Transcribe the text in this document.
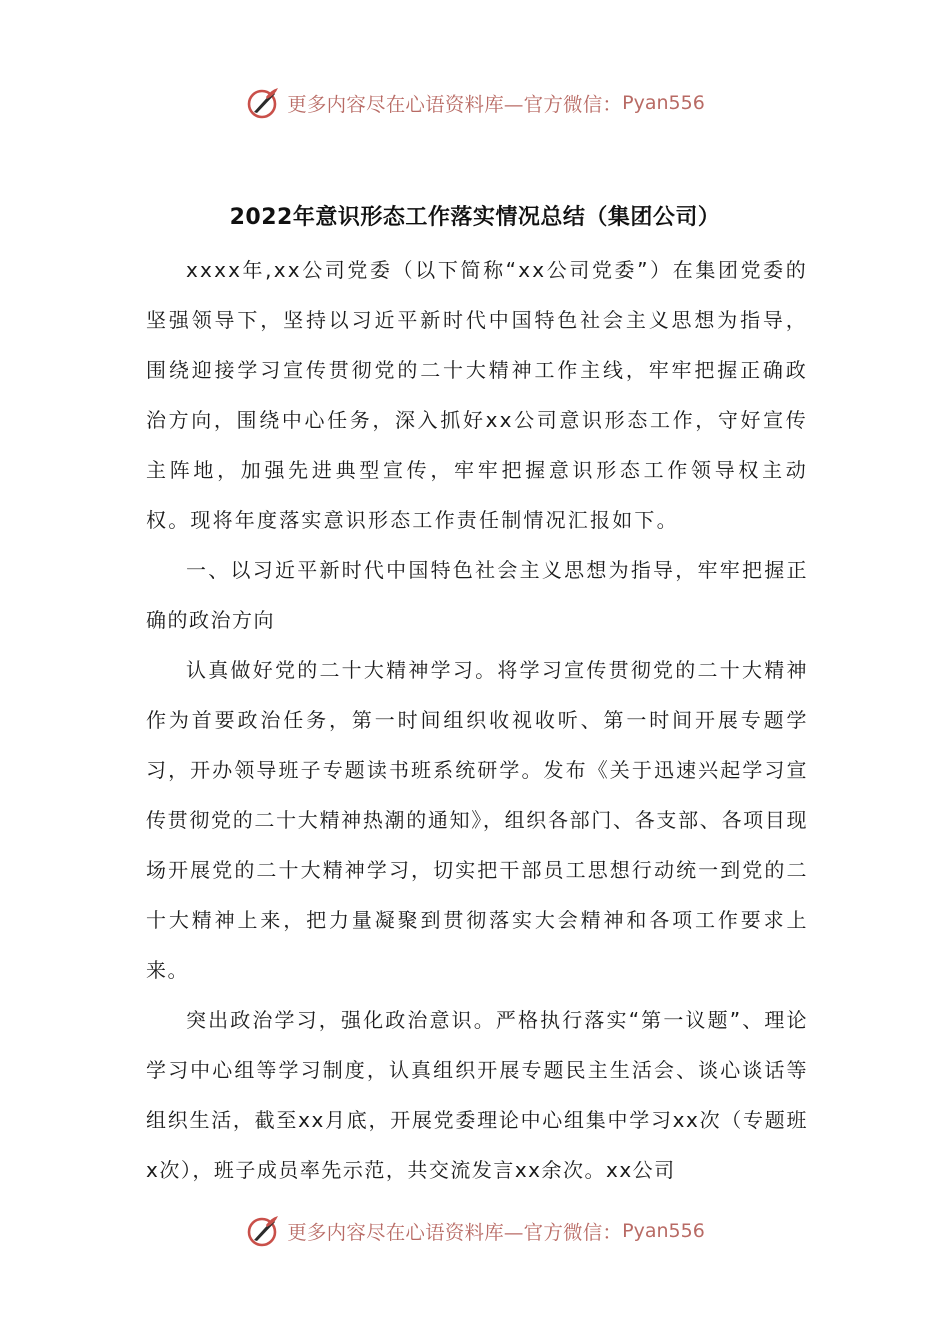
更多内容尽在心语资料库—官方微信： Pyan556
2022年意识形态工作落实情况总结（集团公司）

xxxx年,xx公司党委（以下简称“xx公司党委”）在集团党委的坚强领导下，坚持以习近平新时代中国特色社会主义思想为指导，围绕迎接学习宣传贯彻党的二十大精神工作主线，牢牢把握正确政治方向，围绕中心任务，深入抓好xx公司意识形态工作，守好宣传主阵地，加强先进典型宣传，牢牢把握意识形态工作领导权主动权。现将年度落实意识形态工作责任制情况汇报如下。

一、以习近平新时代中国特色社会主义思想为指导，牢牢把握正确的政治方向

认真做好党的二十大精神学习。将学习宣传贯彻党的二十大精神作为首要政治任务，第一时间组织收视收听、第一时间开展专题学习，开办领导班子专题读书班系统研学。发布《关于迅速兴起学习宣传贯彻党的二十大精神热潮的通知》，组织各部门、各支部、各项目现场开展党的二十大精神学习，切实把干部员工思想行动统一到党的二十大精神上来，把力量凝聚到贯彻落实大会精神和各项工作要求上来。

突出政治学习，强化政治意识。严格执行落实“第一议题”、理论学习中心组等学习制度，认真组织开展专题民主生活会、谈心谈话等组织生活，截至xx月底，开展党委理论中心组集中学习xx次（专题班x次），班子成员率先示范，共交流发言xx余次。xx公司

更多内容尽在心语资料库—官方微信： Pyan556
